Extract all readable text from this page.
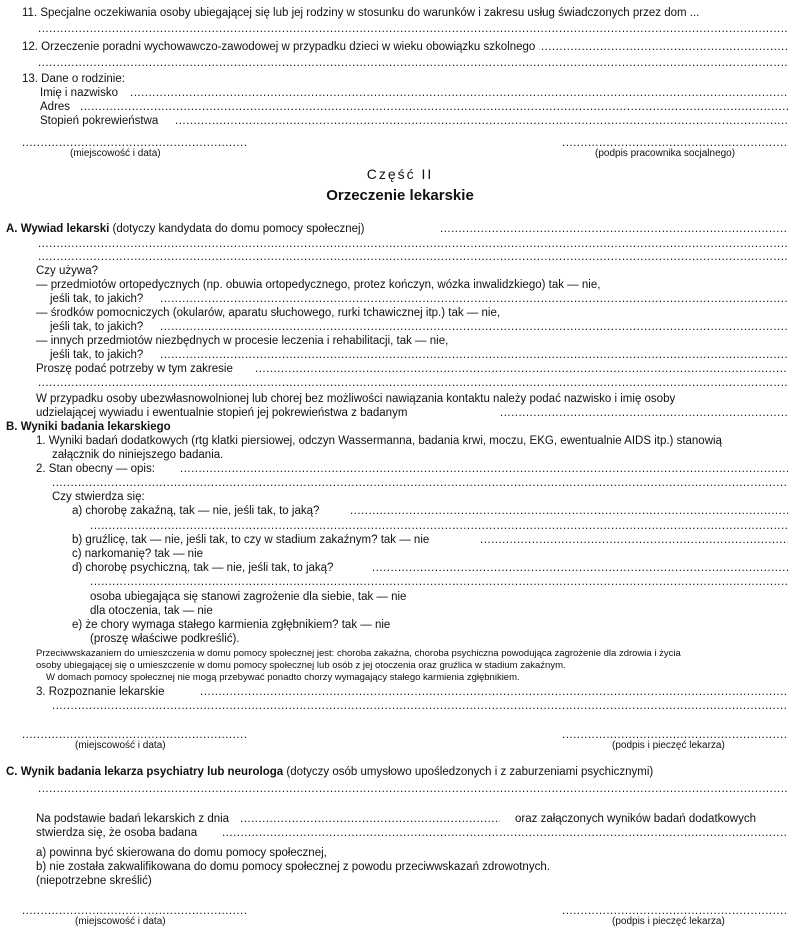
11. Specjalne oczekiwania osoby ubiegającej się lub jej rodziny w stosunku do warunków i zakresu usług świadczonych przez dom ...
.....
12. Orzeczenie poradni wychowawczo-zawodowej w przypadku dzieci w wieku obowiązku szkolnego
.....
.....
13. Dane o rodzinie:
Imię i nazwisko
.....
Adres
.....
Stopień pokrewieństwa
.....
.....
(miejscowość i data)
.....	(podpis pracownika socjalnego)
Część II
Orzeczenie lekarskie
A. Wywiad lekarski (dotyczy kandydata do domu pomocy społecznej)
.....
.....
.....
Czy używa?
— przedmiotów ortopedycznych (np. obuwia ortopedycznego, protez kończyn, wózka inwalidzkiego) tak — nie,
jeśli tak, to jakich?
.....
— środków pomocniczych (okularów, aparatu słuchowego, rurki tchawicznej itp.) tak — nie,
jeśli tak, to jakich?
.....
— innych przedmiotów niezbędnych w procesie leczenia i rehabilitacji, tak — nie,
jeśli tak, to jakich?
.....
Proszę podać potrzeby w tym zakresie
.....
.....
W przypadku osoby ubezwłasnowolnionej lub chorej bez możliwości nawiązania kontaktu należy podać nazwisko i imię osoby
udzielającej wywiadu i ewentualnie stopień jej pokrewieństwa z badanym
.....
B. Wyniki badania lekarskiego
1. Wyniki badań dodatkowych (rtg klatki piersiowej, odczyn Wassermanna, badania krwi, moczu, EKG, ewentualnie AIDS itp.) stanowią
załącznik do niniejszego badania.
2. Stan obecny — opis:
.....
.....
Czy stwierdza się:
a) chorobę zakaźną, tak — nie, jeśli tak, to jaką?
.....
.....
b) gruźlicę, tak — nie, jeśli tak, to czy w stadium zakaźnym? tak — nie
.....
c) narkomanię? tak — nie
d) chorobę psychiczną, tak — nie, jeśli tak, to jaką?
.....
.....
osoba ubiegająca się stanowi zagrożenie dla siebie, tak — nie
dla otoczenia, tak — nie
e) że chory wymaga stałego karmienia zgłębnikiem? tak — nie
(proszę właściwe podkreślić).
Przeciwwskazaniem do umieszczenia w domu pomocy społecznej jest: choroba zakaźna, choroba psychiczna powodująca zagrożenie dla zdrowia i życia
osoby ubiegającej się o umieszczenie w domu pomocy społecznej lub osób z jej otoczenia oraz gruźlica w stadium zakaźnym.
W domach pomocy społecznej nie mogą przebywać ponadto chorzy wymagający stałego karmienia zgłębnikiem.
3. Rozpoznanie lekarskie
.....
.....
.....
(miejscowość i data)
.....	(podpis i pieczęć lekarza)
C. Wynik badania lekarza psychiatry lub neurologa (dotyczy osób umysłowo upośledzonych i z zaburzeniami psychicznymi)
.....
Na podstawie badań lekarskich z dnia
.....	oraz załączonych wyników badań dodatkowych
stwierdza się, że osoba badana
.....
a) powinna być skierowana do domu pomocy społecznej,
b) nie została zakwalifikowana do domu pomocy społecznej z powodu przeciwwskazań zdrowotnych.
(niepotrzebne skreślić)
.....
(miejscowość i data)
.....	(podpis i pieczęć lekarza)
